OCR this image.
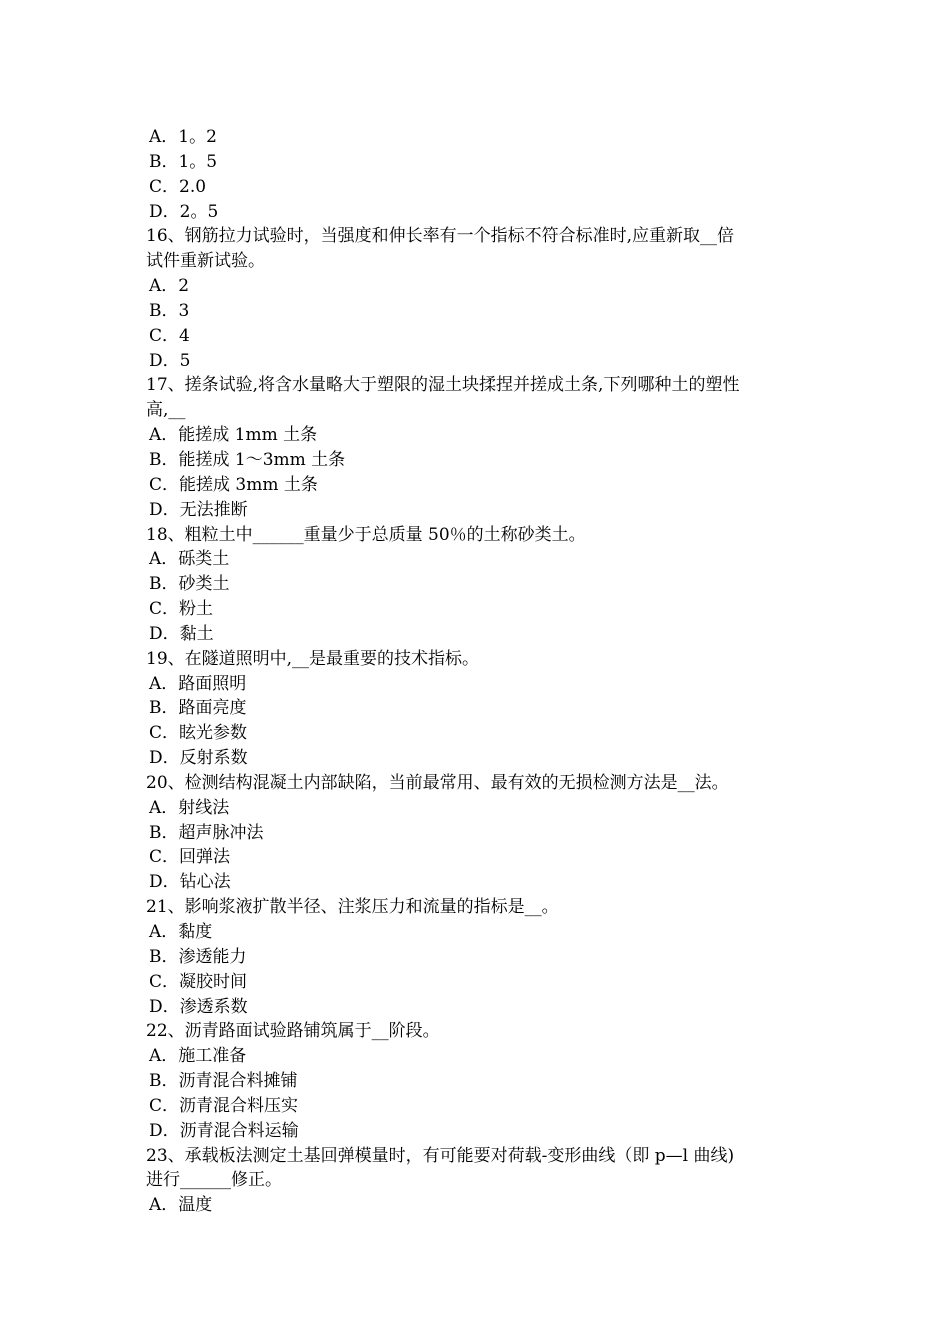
A．1。2
B．1。5
C．2.0
D．2。5
16、钢筋拉力试验时，当强度和伸长率有一个指标不符合标准时,应重新取__倍
试件重新试验。
A．2
B．3
C．4
D．5
17、搓条试验,将含水量略大于塑限的湿土块揉捏并搓成土条,下列哪种土的塑性
高,__
A．能搓成 1mm 土条
B．能搓成 1～3mm 土条
C．能搓成 3mm 土条
D．无法推断
18、粗粒土中______重量少于总质量 50％的土称砂类土。
A．砾类土
B．砂类土
C．粉土
D．黏土
19、在隧道照明中,__是最重要的技术指标。
A．路面照明
B．路面亮度
C．眩光参数
D．反射系数
20、检测结构混凝土内部缺陷，当前最常用、最有效的无损检测方法是__法。
A．射线法
B．超声脉冲法
C．回弹法
D．钻心法
21、影响浆液扩散半径、注浆压力和流量的指标是__。
A．黏度
B．渗透能力
C．凝胶时间
D．渗透系数
22、沥青路面试验路铺筑属于__阶段。
A．施工准备
B．沥青混合料摊铺
C．沥青混合料压实
D．沥青混合料运输
23、承载板法测定土基回弹模量时，有可能要对荷载-变形曲线（即 p—l 曲线)
进行______修正。
A．温度
